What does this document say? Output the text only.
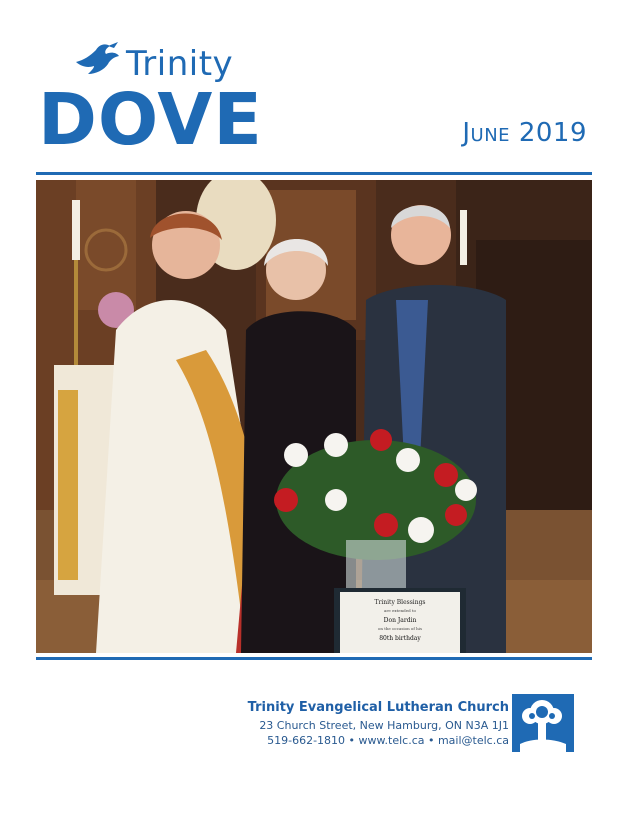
Trinity
DOVE	June 2019
Trinity Blessings
are extended to
Don Jardin
on the occasion of his
80th birthday
Trinity Evangelical Lutheran Church
23 Church Street, New Hamburg, ON N3A 1J1
519-662-1810 • www.telc.ca • mail@telc.ca
